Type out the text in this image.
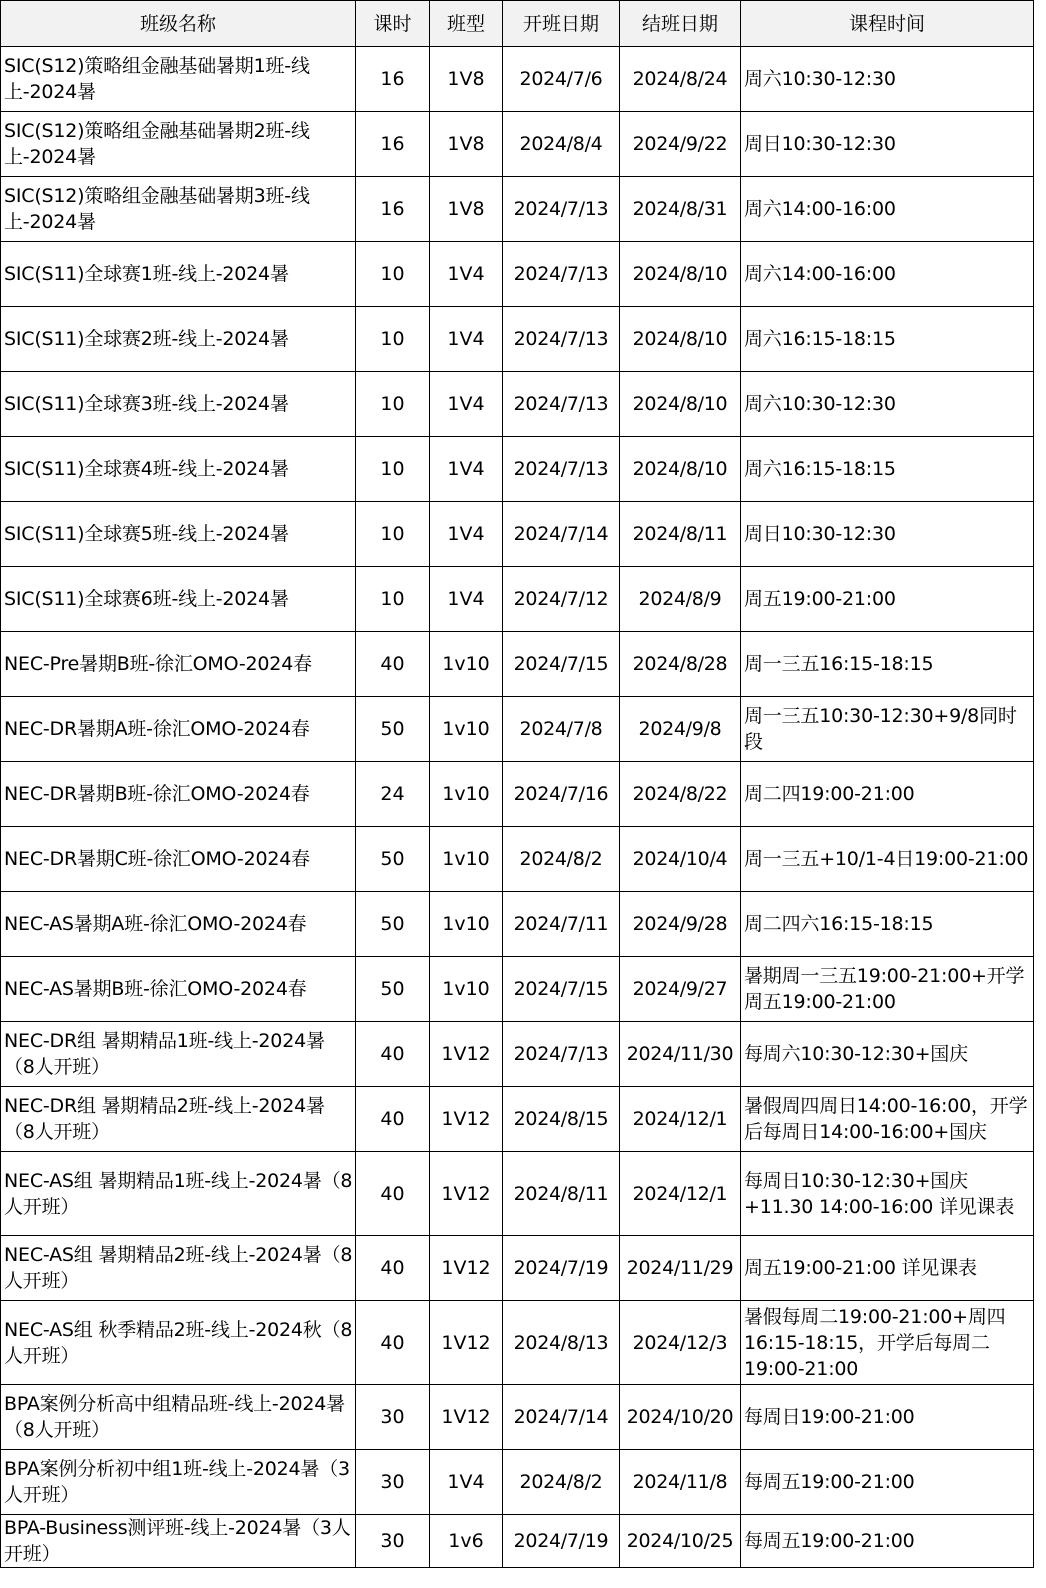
班级名称	课时	班型	开班日期	结班日期	课程时间
SIC(S12)策略组金融基础暑期1班-线上-2024暑	16	1V8	2024/7/6	2024/8/24	周六10:30-12:30
SIC(S12)策略组金融基础暑期2班-线上-2024暑	16	1V8	2024/8/4	2024/9/22	周日10:30-12:30
SIC(S12)策略组金融基础暑期3班-线上-2024暑	16	1V8	2024/7/13	2024/8/31	周六14:00-16:00
SIC(S11)全球赛1班-线上-2024暑	10	1V4	2024/7/13	2024/8/10	周六14:00-16:00
SIC(S11)全球赛2班-线上-2024暑	10	1V4	2024/7/13	2024/8/10	周六16:15-18:15
SIC(S11)全球赛3班-线上-2024暑	10	1V4	2024/7/13	2024/8/10	周六10:30-12:30
SIC(S11)全球赛4班-线上-2024暑	10	1V4	2024/7/13	2024/8/10	周六16:15-18:15
SIC(S11)全球赛5班-线上-2024暑	10	1V4	2024/7/14	2024/8/11	周日10:30-12:30
SIC(S11)全球赛6班-线上-2024暑	10	1V4	2024/7/12	2024/8/9	周五19:00-21:00
NEC-Pre暑期B班-徐汇OMO-2024春	40	1v10	2024/7/15	2024/8/28	周一三五16:15-18:15
NEC-DR暑期A班-徐汇OMO-2024春	50	1v10	2024/7/8	2024/9/8	周一三五10:30-12:30+9/8同时段
NEC-DR暑期B班-徐汇OMO-2024春	24	1v10	2024/7/16	2024/8/22	周二四19:00-21:00
NEC-DR暑期C班-徐汇OMO-2024春	50	1v10	2024/8/2	2024/10/4	周一三五+10/1-4日19:00-21:00
NEC-AS暑期A班-徐汇OMO-2024春	50	1v10	2024/7/11	2024/9/28	周二四六16:15-18:15
NEC-AS暑期B班-徐汇OMO-2024春	50	1v10	2024/7/15	2024/9/27	暑期周一三五19:00-21:00+开学周五19:00-21:00
NEC-DR组 暑期精品1班-线上-2024暑（8人开班）	40	1V12	2024/7/13	2024/11/30	每周六10:30-12:30+国庆
NEC-DR组 暑期精品2班-线上-2024暑（8人开班）	40	1V12	2024/8/15	2024/12/1	暑假周四周日14:00-16:00，开学后每周日14:00-16:00+国庆
NEC-AS组 暑期精品1班-线上-2024暑（8人开班）	40	1V12	2024/8/11	2024/12/1	每周日10:30-12:30+国庆+11.30 14:00-16:00 详见课表
NEC-AS组 暑期精品2班-线上-2024暑（8人开班）	40	1V12	2024/7/19	2024/11/29	周五19:00-21:00 详见课表
NEC-AS组 秋季精品2班-线上-2024秋（8人开班）	40	1V12	2024/8/13	2024/12/3	暑假每周二19:00-21:00+周四16:15-18:15，开学后每周二19:00-21:00
BPA案例分析高中组精品班-线上-2024暑（8人开班）	30	1V12	2024/7/14	2024/10/20	每周日19:00-21:00
BPA案例分析初中组1班-线上-2024暑（3人开班）	30	1V4	2024/8/2	2024/11/8	每周五19:00-21:00
BPA-Business测评班-线上-2024暑（3人开班）	30	1v6	2024/7/19	2024/10/25	每周五19:00-21:00
